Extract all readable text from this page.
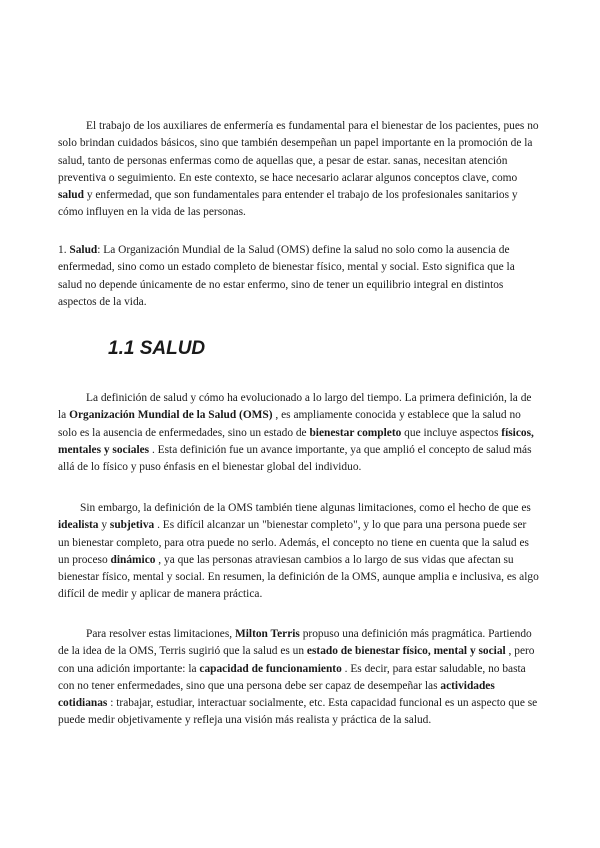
El trabajo de los auxiliares de enfermería es fundamental para el bienestar de los pacientes, pues no solo brindan cuidados básicos, sino que también desempeñan un papel importante en la promoción de la salud, tanto de personas enfermas como de aquellas que, a pesar de estar. sanas, necesitan atención preventiva o seguimiento. En este contexto, se hace necesario aclarar algunos conceptos clave, como salud y enfermedad, que son fundamentales para entender el trabajo de los profesionales sanitarios y cómo influyen en la vida de las personas.

1. Salud: La Organización Mundial de la Salud (OMS) define la salud no solo como la ausencia de enfermedad, sino como un estado completo de bienestar físico, mental y social. Esto significa que la salud no depende únicamente de no estar enfermo, sino de tener un equilibrio integral en distintos aspectos de la vida.

1.1 SALUD

La definición de salud y cómo ha evolucionado a lo largo del tiempo. La primera definición, la de la Organización Mundial de la Salud (OMS) , es ampliamente conocida y establece que la salud no solo es la ausencia de enfermedades, sino un estado de bienestar completo que incluye aspectos físicos, mentales y sociales . Esta definición fue un avance importante, ya que amplió el concepto de salud más allá de lo físico y puso énfasis en el bienestar global del individuo.

Sin embargo, la definición de la OMS también tiene algunas limitaciones, como el hecho de que es idealista y subjetiva . Es difícil alcanzar un "bienestar completo", y lo que para una persona puede ser un bienestar completo, para otra puede no serlo. Además, el concepto no tiene en cuenta que la salud es un proceso dinámico , ya que las personas atraviesan cambios a lo largo de sus vidas que afectan su bienestar físico, mental y social. En resumen, la definición de la OMS, aunque amplia e inclusiva, es algo difícil de medir y aplicar de manera práctica.

Para resolver estas limitaciones, Milton Terris propuso una definición más pragmática. Partiendo de la idea de la OMS, Terris sugirió que la salud es un estado de bienestar físico, mental y social , pero con una adición importante: la capacidad de funcionamiento . Es decir, para estar saludable, no basta con no tener enfermedades, sino que una persona debe ser capaz de desempeñar las actividades cotidianas : trabajar, estudiar, interactuar socialmente, etc. Esta capacidad funcional es un aspecto que se puede medir objetivamente y refleja una visión más realista y práctica de la salud.
